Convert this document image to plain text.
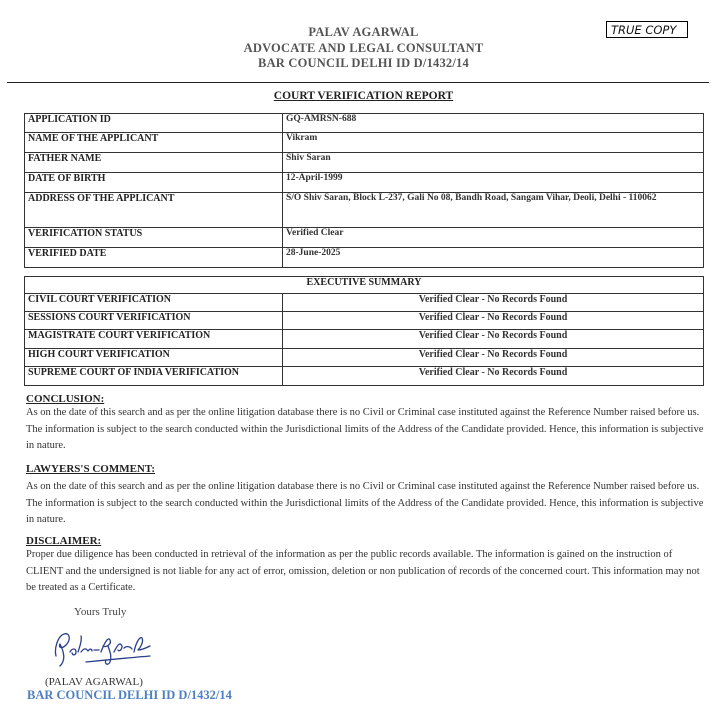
PALAV AGARWAL
ADVOCATE AND LEGAL CONSULTANT
BAR COUNCIL DELHI ID D/1432/14
TRUE COPY
COURT VERIFICATION REPORT
APPLICATION ID	GQ-AMRSN-688
NAME OF THE APPLICANT	Vikram
FATHER NAME	Shiv Saran
DATE OF BIRTH	12-April-1999
ADDRESS OF THE APPLICANT	S/O Shiv Saran, Block L-237, Gali No 08, Bandh Road, Sangam Vihar, Deoli, Delhi - 110062
VERIFICATION STATUS	Verified Clear
VERIFIED DATE	28-June-2025
EXECUTIVE SUMMARY	
CIVIL COURT VERIFICATION	Verified Clear - No Records Found
SESSIONS COURT VERIFICATION	Verified Clear - No Records Found
MAGISTRATE COURT VERIFICATION	Verified Clear - No Records Found
HIGH COURT VERIFICATION	Verified Clear - No Records Found
SUPREME COURT OF INDIA VERIFICATION	Verified Clear - No Records Found
CONCLUSION:
As on the date of this search and as per the online litigation database there is no Civil or Criminal case instituted against the Reference Number raised before us. The information is subject to the search conducted within the Jurisdictional limits of the Address of the Candidate provided. Hence, this information is subjective in nature.
LAWYERS'S COMMENT:
As on the date of this search and as per the online litigation database there is no Civil or Criminal case instituted against the Reference Number raised before us. The information is subject to the search conducted within the Jurisdictional limits of the Address of the Candidate provided. Hence, this information is subjective in nature.
DISCLAIMER:
Proper due diligence has been conducted in retrieval of the information as per the public records available. The information is gained on the instruction of CLIENT and the undersigned is not liable for any act of error, omission, deletion or non publication of records of the concerned court. This information may not be treated as a Certificate.
Yours Truly
(PALAV AGARWAL)
BAR COUNCIL DELHI ID D/1432/14
